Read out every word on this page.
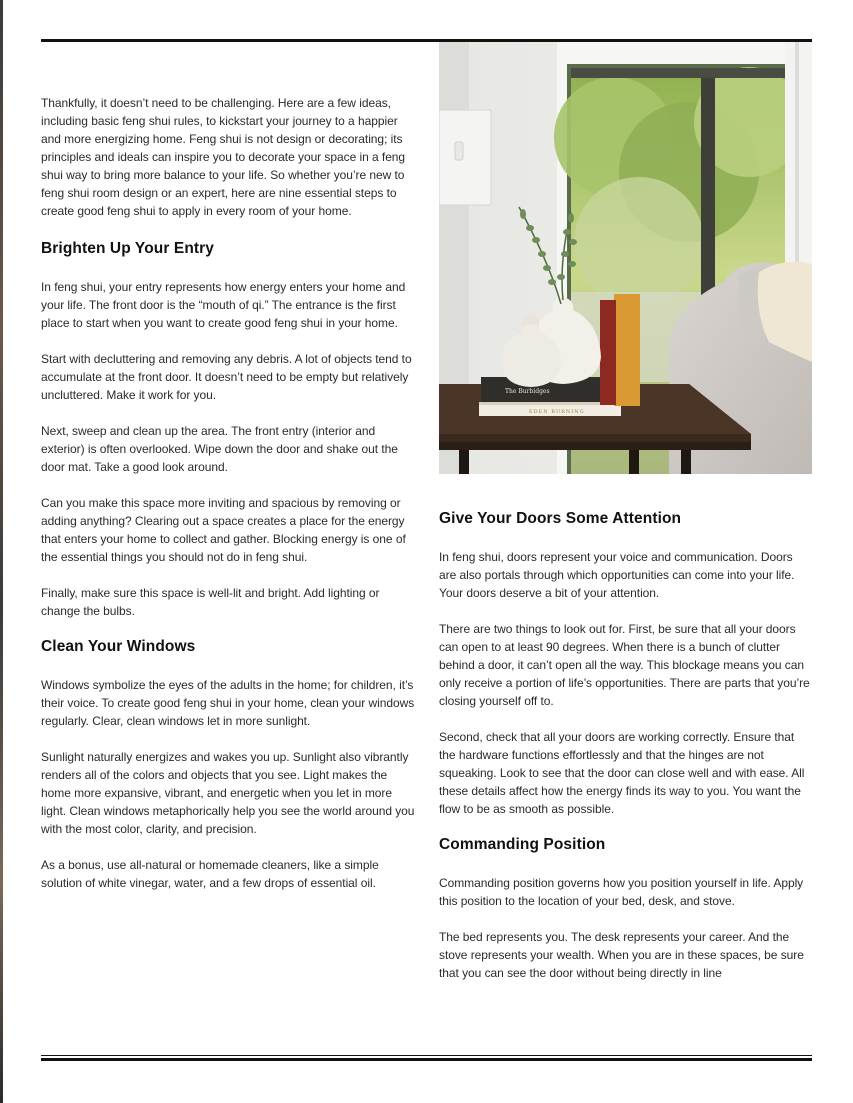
Thankfully, it doesn’t need to be challenging. Here are a few ideas, including basic feng shui rules, to kickstart your journey to a happier and more energizing home. Feng shui is not design or decorating; its principles and ideals can inspire you to decorate your space in a feng shui way to bring more balance to your life. So whether you’re new to feng shui room design or an expert, here are nine essential steps to create good feng shui to apply in every room of your home.

Brighten Up Your Entry

In feng shui, your entry represents how energy enters your home and your life. The front door is the “mouth of qi.” The entrance is the first place to start when you want to create good feng shui in your home.

Start with decluttering and removing any debris. A lot of objects tend to accumulate at the front door. It doesn’t need to be empty but relatively uncluttered. Make it work for you.

Next, sweep and clean up the area. The front entry (interior and exterior) is often overlooked. Wipe down the door and shake out the door mat. Take a good look around.

Can you make this space more inviting and spacious by removing or adding anything? Clearing out a space creates a place for the energy that enters your home to collect and gather. Blocking energy is one of the essential things you should not do in feng shui.

Finally, make sure this space is well-lit and bright. Add lighting or change the bulbs.

Clean Your Windows

Windows symbolize the eyes of the adults in the home; for children, it’s their voice. To create good feng shui in your home, clean your windows regularly. Clear, clean windows let in more sunlight.

Sunlight naturally energizes and wakes you up. Sunlight also vibrantly renders all of the colors and objects that you see. Light makes the home more expansive, vibrant, and energetic when you let in more light. Clean windows metaphorically help you see the world around you with the most color, clarity, and precision.

As a bonus, use all-natural or homemade cleaners, like a simple solution of white vinegar, water, and a few drops of essential oil.

EDEN BURNING
The Burbidges
Give Your Doors Some Attention

In feng shui, doors represent your voice and communication. Doors are also portals through which opportunities can come into your life. Your doors deserve a bit of your attention.

There are two things to look out for. First, be sure that all your doors can open to at least 90 degrees. When there is a bunch of clutter behind a door, it can’t open all the way. This blockage means you can only receive a portion of life’s opportunities. There are parts that you’re closing yourself off to.

Second, check that all your doors are working correctly. Ensure that the hardware functions effortlessly and that the hinges are not squeaking. Look to see that the door can close well and with ease. All these details affect how the energy finds its way to you. You want the flow to be as smooth as possible.

Commanding Position

Commanding position governs how you position yourself in life. Apply this position to the location of your bed, desk, and stove.

The bed represents you. The desk represents your career. And the stove represents your wealth. When you are in these spaces, be sure that you can see the door without being directly in line
